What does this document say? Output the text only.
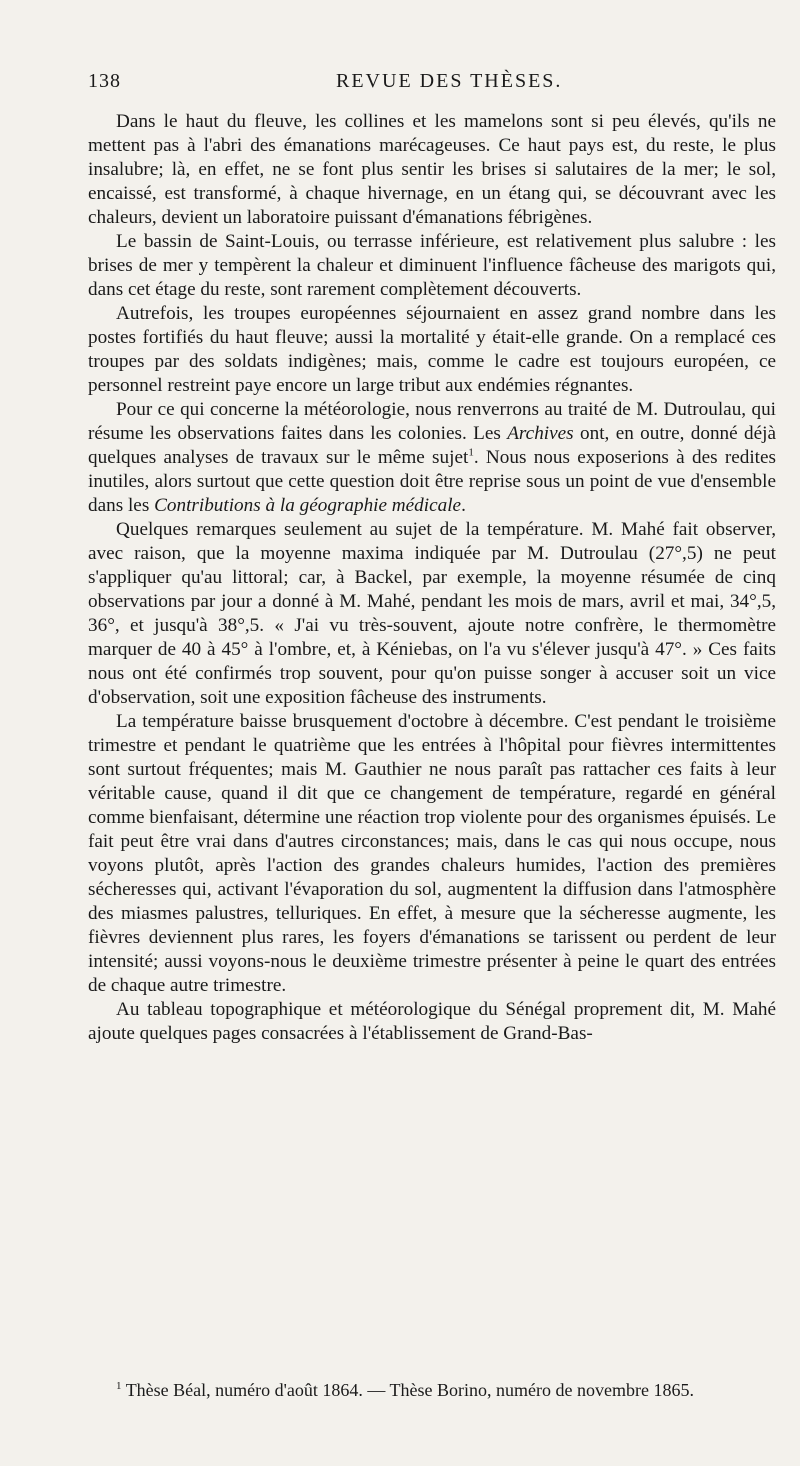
138	REVUE DES THÈSES.

Dans le haut du fleuve, les collines et les mamelons sont si peu élevés, qu'ils ne mettent pas à l'abri des émanations marécageuses. Ce haut pays est, du reste, le plus insalubre; là, en effet, ne se font plus sentir les brises si salutaires de la mer; le sol, encaissé, est transformé, à chaque hivernage, en un étang qui, se découvrant avec les chaleurs, devient un laboratoire puissant d'émanations fébrigènes.

Le bassin de Saint-Louis, ou terrasse inférieure, est relativement plus salubre : les brises de mer y tempèrent la chaleur et diminuent l'influence fâcheuse des marigots qui, dans cet étage du reste, sont rarement complètement découverts.

Autrefois, les troupes européennes séjournaient en assez grand nombre dans les postes fortifiés du haut fleuve; aussi la mortalité y était-elle grande. On a remplacé ces troupes par des soldats indigènes; mais, comme le cadre est toujours européen, ce personnel restreint paye encore un large tribut aux endémies régnantes.

Pour ce qui concerne la météorologie, nous renverrons au traité de M. Dutroulau, qui résume les observations faites dans les colonies. Les Archives ont, en outre, donné déjà quelques analyses de travaux sur le même sujet$^1$. Nous nous exposerions à des redites inutiles, alors surtout que cette question doit être reprise sous un point de vue d'ensemble dans les Contributions à la géographie médicale.

Quelques remarques seulement au sujet de la température. M. Mahé fait observer, avec raison, que la moyenne maxima indiquée par M. Dutroulau (27°,5) ne peut s'appliquer qu'au littoral; car, à Backel, par exemple, la moyenne résumée de cinq observations par jour a donné à M. Mahé, pendant les mois de mars, avril et mai, 34°,5, 36°, et jusqu'à 38°,5. « J'ai vu très-souvent, ajoute notre confrère, le thermomètre marquer de 40 à 45° à l'ombre, et, à Kéniebas, on l'a vu s'élever jusqu'à 47°. » Ces faits nous ont été confirmés trop souvent, pour qu'on puisse songer à accuser soit un vice d'observation, soit une exposition fâcheuse des instruments.

La température baisse brusquement d'octobre à décembre. C'est pendant le troisième trimestre et pendant le quatrième que les entrées à l'hôpital pour fièvres intermittentes sont surtout fréquentes; mais M. Gauthier ne nous paraît pas rattacher ces faits à leur véritable cause, quand il dit que ce changement de température, regardé en général comme bienfaisant, détermine une réaction trop violente pour des organismes épuisés. Le fait peut être vrai dans d'autres circonstances; mais, dans le cas qui nous occupe, nous voyons plutôt, après l'action des grandes chaleurs humides, l'action des premières sécheresses qui, activant l'évaporation du sol, augmentent la diffusion dans l'atmosphère des miasmes palustres, telluriques. En effet, à mesure que la sécheresse augmente, les fièvres deviennent plus rares, les foyers d'émanations se tarissent ou perdent de leur intensité; aussi voyons-nous le deuxième trimestre présenter à peine le quart des entrées de chaque autre trimestre.

Au tableau topographique et météorologique du Sénégal proprement dit, M. Mahé ajoute quelques pages consacrées à l'établissement de Grand-Bas-

$^1$ Thèse Béal, numéro d'août 1864. — Thèse Borino, numéro de novembre 1865.
